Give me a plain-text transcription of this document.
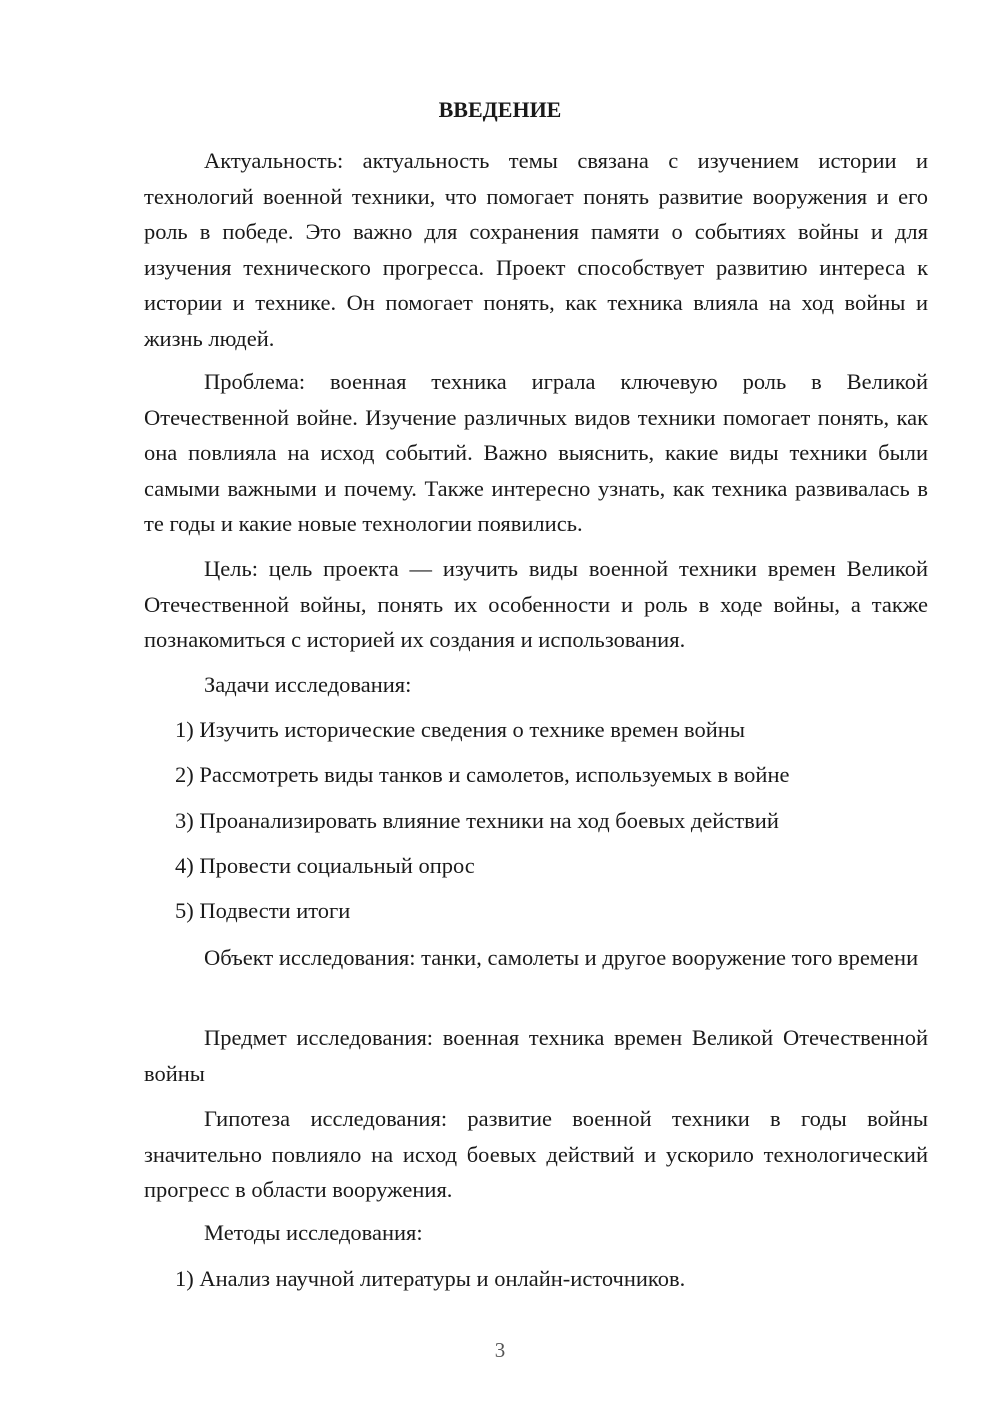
ВВЕДЕНИЕ
Актуальность: актуальность темы связана с изучением истории и технологий военной техники, что помогает понять развитие вооружения и его роль в победе. Это важно для сохранения памяти о событиях войны и для изучения технического прогресса. Проект способствует развитию интереса к истории и технике. Он помогает понять, как техника влияла на ход войны и жизнь людей.
Проблема: военная техника играла ключевую роль в Великой Отечественной войне. Изучение различных видов техники помогает понять, как она повлияла на исход событий. Важно выяснить, какие виды техники были самыми важными и почему. Также интересно узнать, как техника развивалась в те годы и какие новые технологии появились.
Цель: цель проекта — изучить виды военной техники времен Великой Отечественной войны, понять их особенности и роль в ходе войны, а также познакомиться с историей их создания и использования.
Задачи исследования:
1) Изучить исторические сведения о технике времен войны
2) Рассмотреть виды танков и самолетов, используемых в войне
3) Проанализировать влияние техники на ход боевых действий
4) Провести социальный опрос
5) Подвести итоги
Объект исследования: танки, самолеты и другое вооружение того времени
Предмет исследования: военная техника времен Великой Отечественной войны
Гипотеза исследования: развитие военной техники в годы войны значительно повлияло на исход боевых действий и ускорило технологический прогресс в области вооружения.
Методы исследования:
1) Анализ научной литературы и онлайн-источников.
3
